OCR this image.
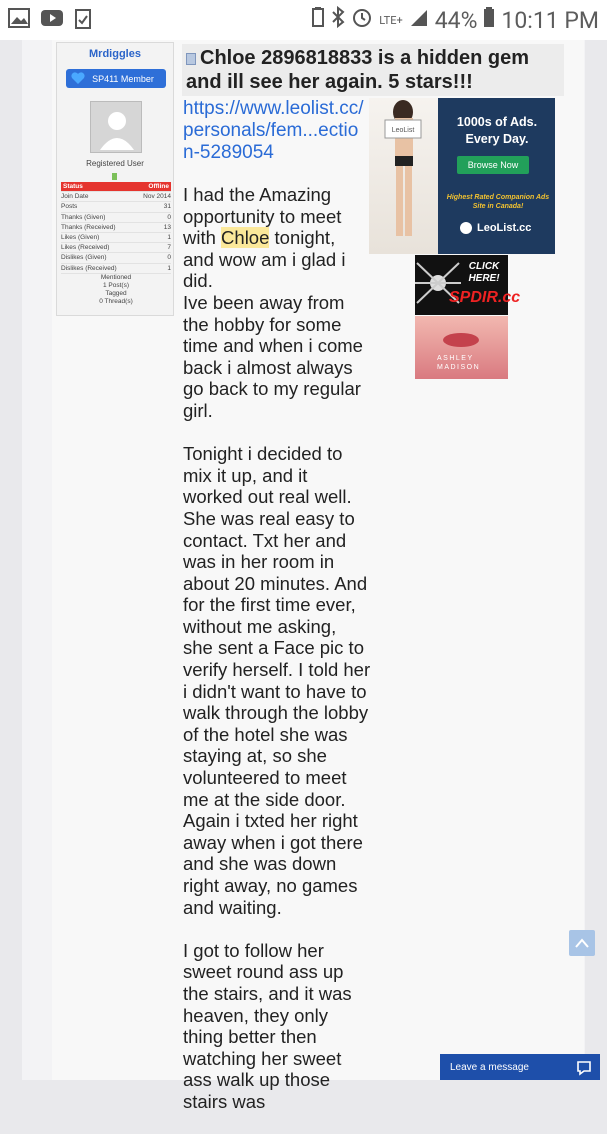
LTE+ 44% 10:11 PM
Mrdiggles
SP411 Member
Registered User
Status	Offline
Join Date	Nov 2014
Posts	31
Thanks (Given)	0
Thanks (Received)	13
Likes (Given)	1
Likes (Received)	7
Dislikes (Given)	0
Dislikes (Received)	1
Mentioned
1 Post(s)
Tagged
0 Thread(s)
Chloe 2896818833 is a hidden gem and ill see her again. 5 stars!!!
https://www.leolist.cc/personals/fem...ection-5289054

I had the Amazing opportunity to meet with Chloe tonight, and wow am i glad i did.
Ive been away from the hobby for some time and when i come back i almost always go back to my regular girl.

Tonight i decided to mix it up, and it worked out real well. She was real easy to contact. Txt her and was in her room in about 20 minutes. And for the first time ever, without me asking, she sent a Face pic to verify herself. I told her i didn't want to have to walk through the lobby of the hotel she was staying at, so she volunteered to meet me at the side door. Again i txted her right away when i got there and she was down right away, no games and waiting.

I got to follow her sweet round ass up the stairs, and it was heaven, they only thing better then watching her sweet ass walk up those stairs was

LeoList
1000s of Ads.
Every Day.
Browse Now
Highest Rated Companion Ads Site in Canada!
LeoList.cc
CLICK HERE!
SPDIR.cc
ASHLEY MADISON
Leave a message
